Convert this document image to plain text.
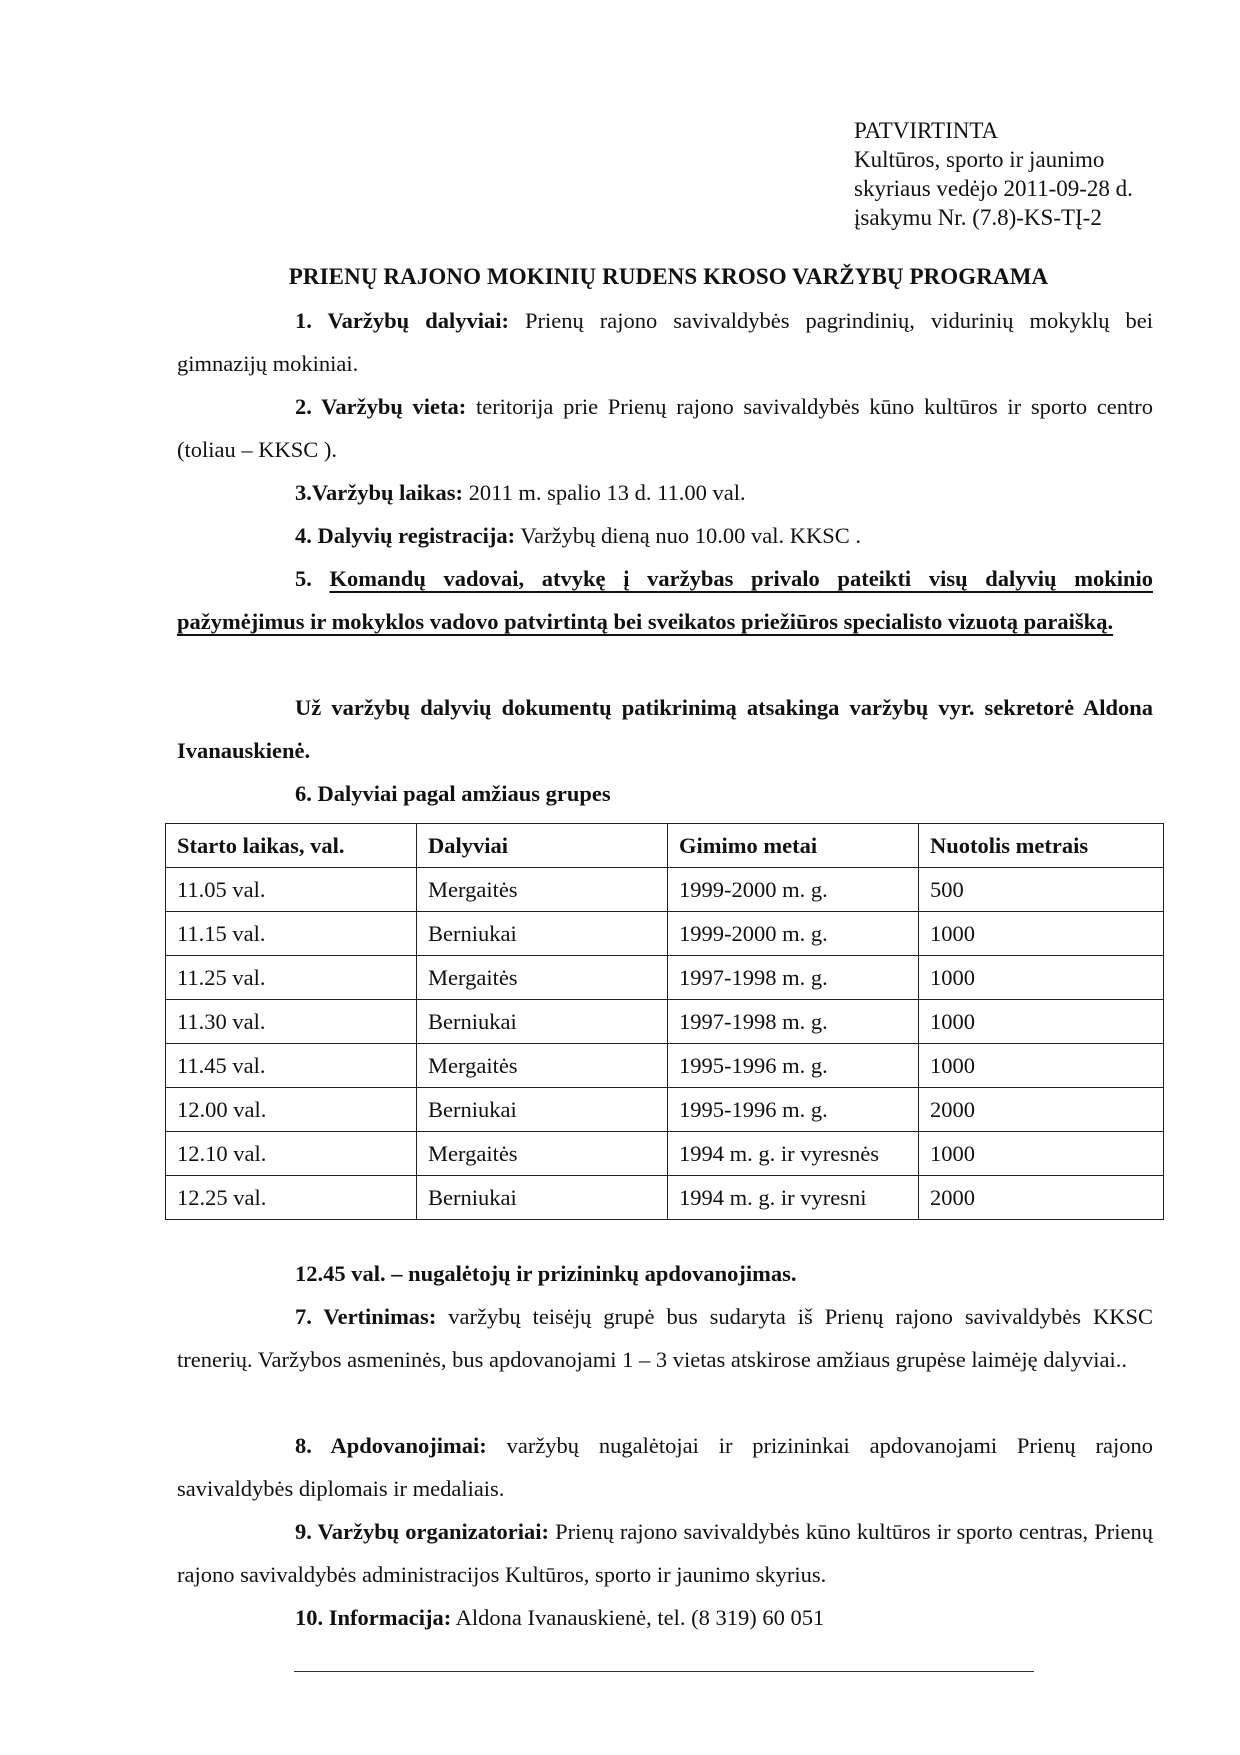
PATVIRTINTA
Kultūros, sporto ir jaunimo
skyriaus vedėjo 2011-09-28 d.
įsakymu Nr. (7.8)-KS-TĮ-2
PRIENŲ RAJONO MOKINIŲ RUDENS KROSO VARŽYBŲ PROGRAMA
1. Varžybų dalyviai: Prienų rajono savivaldybės pagrindinių, vidurinių mokyklų bei gimnazijų mokiniai.
2. Varžybų vieta: teritorija prie Prienų rajono savivaldybės kūno kultūros ir sporto centro (toliau – KKSC ).
3.Varžybų laikas: 2011 m. spalio 13 d. 11.00 val.
4. Dalyvių registracija: Varžybų dieną nuo 10.00 val. KKSC .
5. Komandų vadovai, atvykę į varžybas privalo pateikti visų dalyvių mokinio pažymėjimus ir mokyklos vadovo patvirtintą bei sveikatos priežiūros specialisto vizuotą paraišką.
Už varžybų dalyvių dokumentų patikrinimą atsakinga varžybų vyr. sekretorė Aldona Ivanauskienė.
6. Dalyviai pagal amžiaus grupes
Starto laikas, val.	Dalyviai	Gimimo metai	Nuotolis metrais
11.05 val.	Mergaitės	1999-2000 m. g.	500
11.15 val.	Berniukai	1999-2000 m. g.	1000
11.25 val.	Mergaitės	1997-1998 m. g.	1000
11.30 val.	Berniukai	1997-1998 m. g.	1000
11.45 val.	Mergaitės	1995-1996 m. g.	1000
12.00 val.	Berniukai	1995-1996 m. g.	2000
12.10 val.	Mergaitės	1994 m. g. ir vyresnės	1000
12.25 val.	Berniukai	1994 m. g. ir vyresni	2000
12.45 val. – nugalėtojų ir prizininkų apdovanojimas.
7. Vertinimas: varžybų teisėjų grupė bus sudaryta iš Prienų rajono savivaldybės KKSC trenerių. Varžybos asmeninės, bus apdovanojami 1 – 3 vietas atskirose amžiaus grupėse laimėję dalyviai..
8. Apdovanojimai: varžybų nugalėtojai ir prizininkai apdovanojami Prienų rajono savivaldybės diplomais ir medaliais.
9. Varžybų organizatoriai: Prienų rajono savivaldybės kūno kultūros ir sporto centras, Prienų rajono savivaldybės administracijos Kultūros, sporto ir jaunimo skyrius.
10. Informacija: Aldona Ivanauskienė, tel. (8 319) 60 051
